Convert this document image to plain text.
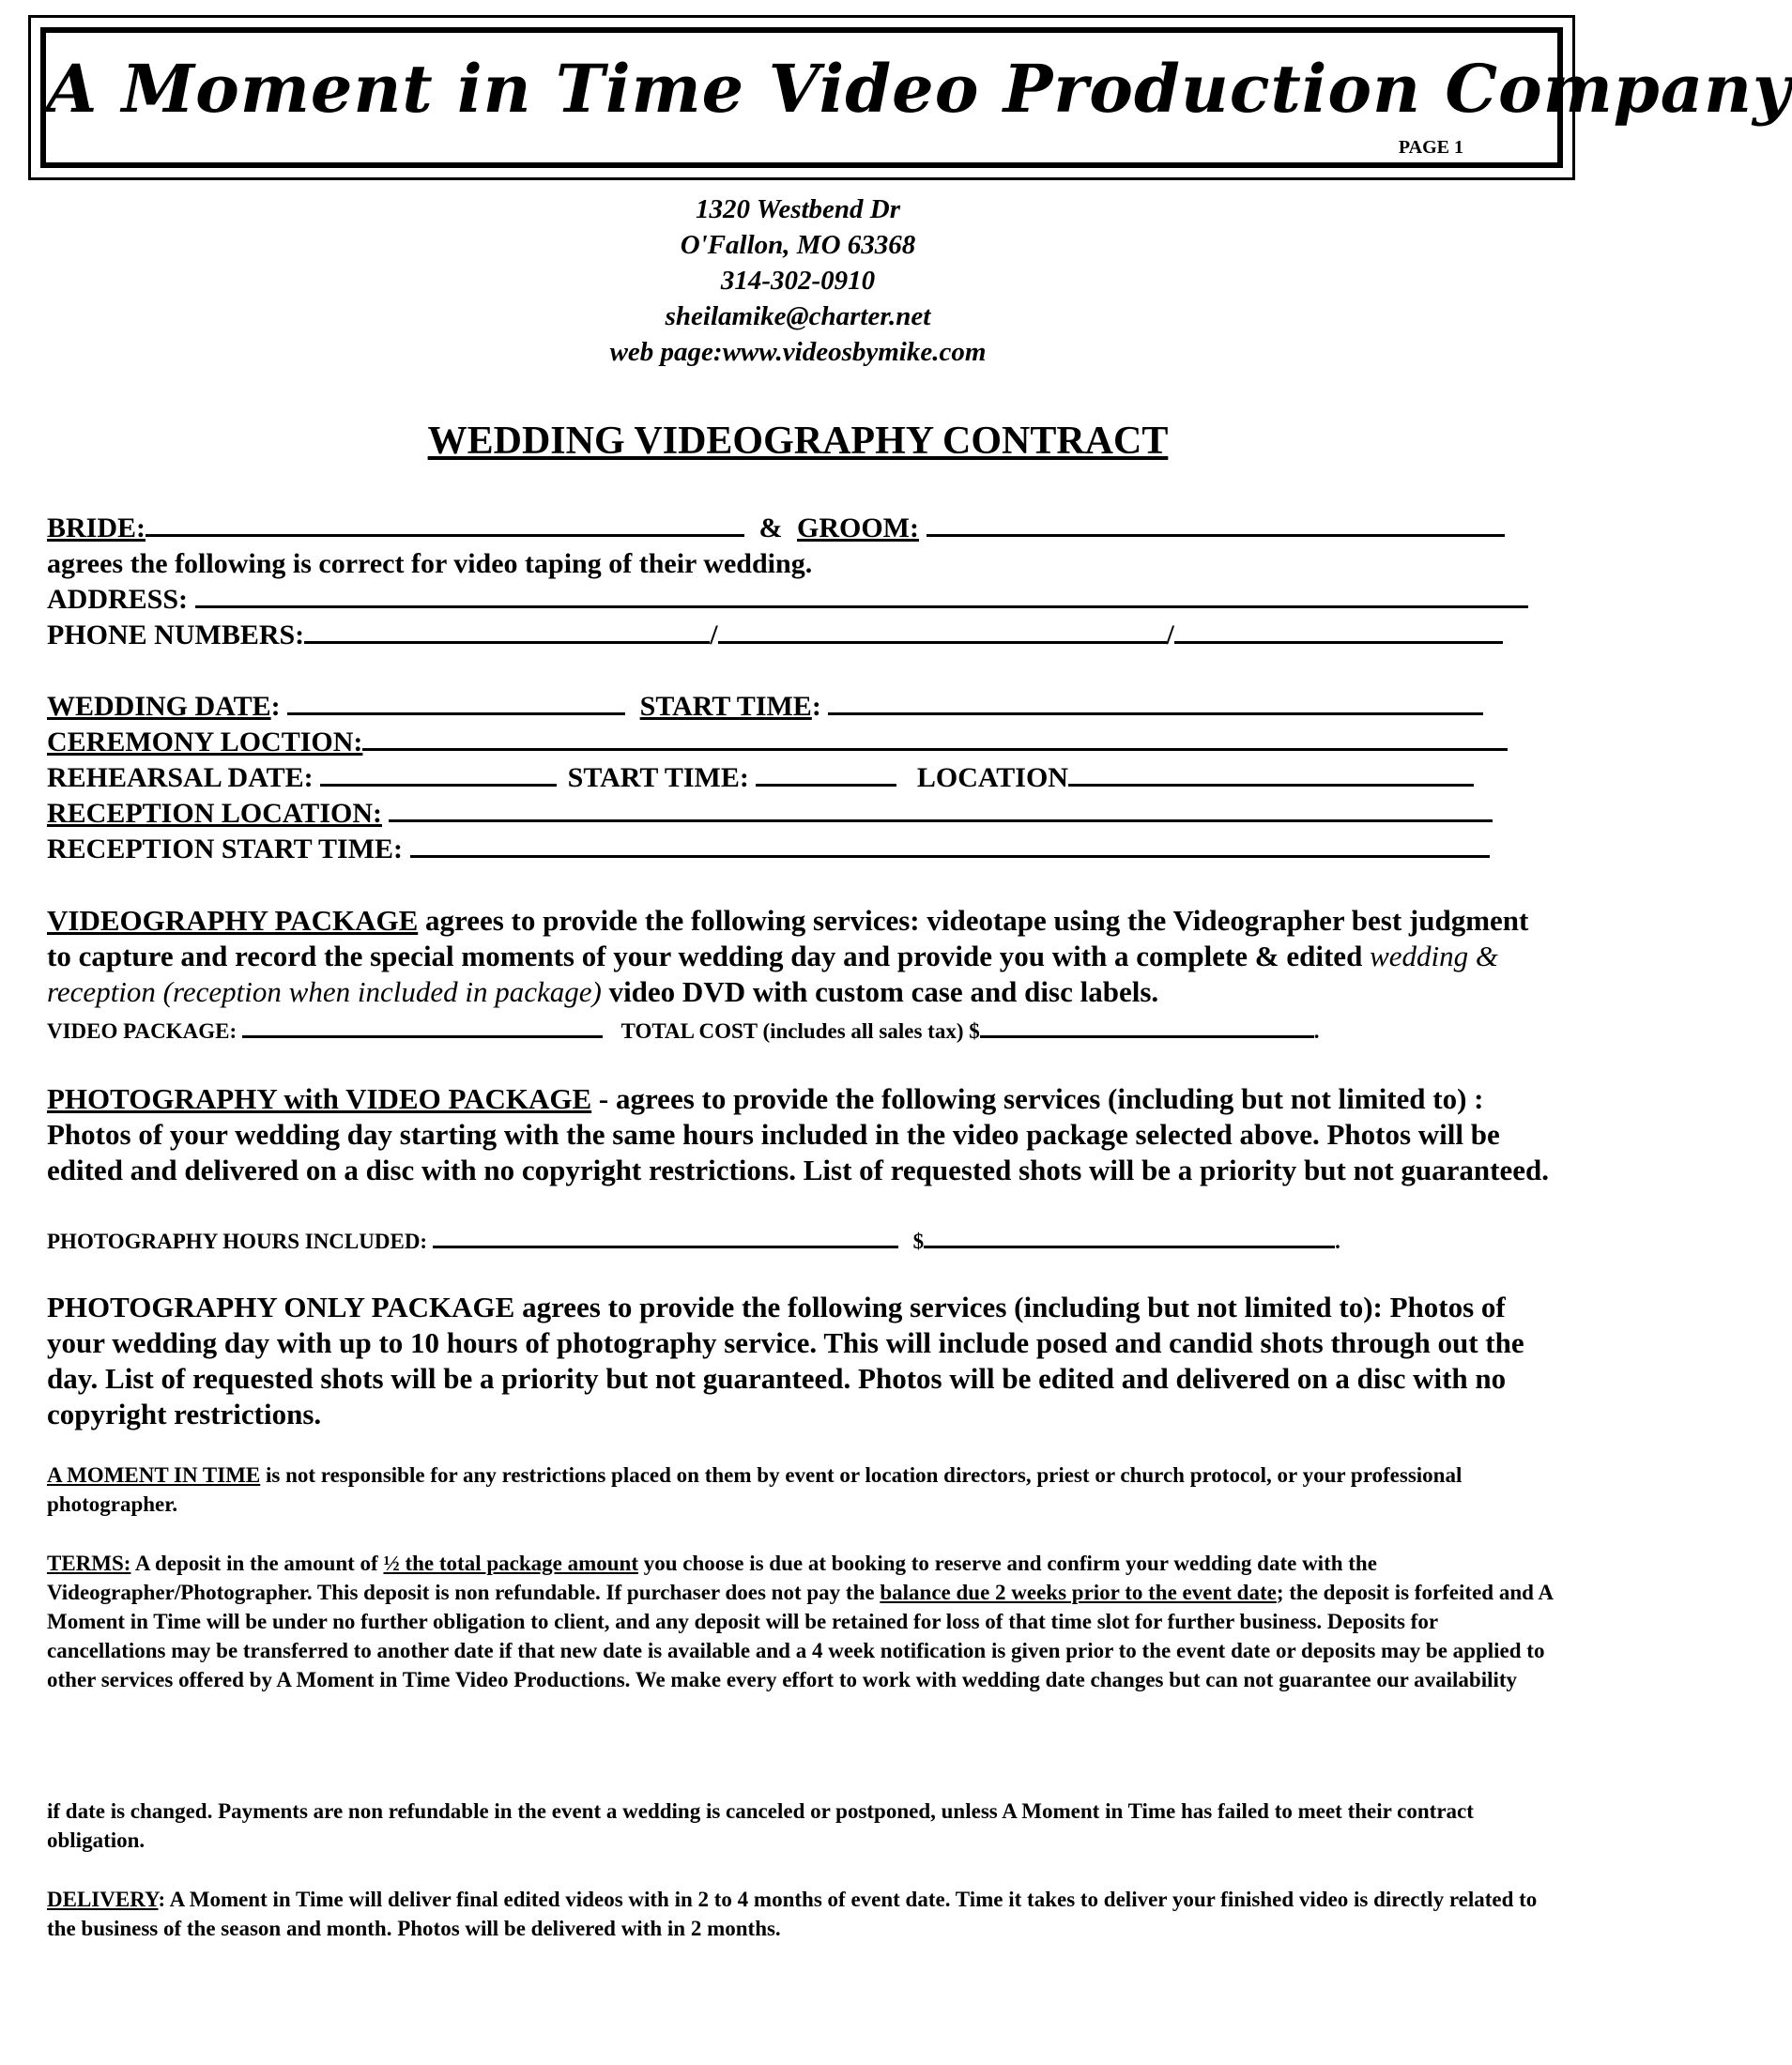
A Moment in Time Video Production Company
PAGE 1
1320 Westbend Dr
O'Fallon, MO 63368
314-302-0910
sheilamike@charter.net
web page:www.videosbymike.com
WEDDING VIDEOGRAPHY CONTRACT
BRIDE:	& GROOM:
agrees the following is correct for video taping of their wedding.
ADDRESS:
PHONE NUMBERS:	/	/
WEDDING DATE:	START TIME:
CEREMONY LOCTION:
REHEARSAL DATE:	START TIME:	LOCATION
RECEPTION LOCATION:
RECEPTION START TIME:
VIDEOGRAPHY PACKAGE agrees to provide the following services: videotape using the Videographer best judgment to capture and record the special moments of your wedding day and provide you with a complete & edited wedding & reception (reception when included in package) video DVD with custom case and disc labels.
VIDEO PACKAGE:	TOTAL COST (includes all sales tax) $	.
PHOTOGRAPHY with VIDEO PACKAGE - agrees to provide the following services (including but not limited to) : Photos of your wedding day starting with the same hours included in the video package selected above. Photos will be edited and delivered on a disc with no copyright restrictions. List of requested shots will be a priority but not guaranteed.
PHOTOGRAPHY HOURS INCLUDED:	$	.
PHOTOGRAPHY ONLY PACKAGE agrees to provide the following services (including but not limited to): Photos of your wedding day with up to 10 hours of photography service. This will include posed and candid shots through out the day. List of requested shots will be a priority but not guaranteed. Photos will be edited and delivered on a disc with no copyright restrictions.
A MOMENT IN TIME is not responsible for any restrictions placed on them by event or location directors, priest or church protocol, or your professional photographer.
TERMS: A deposit in the amount of ½ the total package amount you choose is due at booking to reserve and confirm your wedding date with the Videographer/Photographer. This deposit is non refundable. If purchaser does not pay the balance due 2 weeks prior to the event date; the deposit is forfeited and A Moment in Time will be under no further obligation to client, and any deposit will be retained for loss of that time slot for further business. Deposits for cancellations may be transferred to another date if that new date is available and a 4 week notification is given prior to the event date or deposits may be applied to other services offered by A Moment in Time Video Productions. We make every effort to work with wedding date changes but can not guarantee our availability
if date is changed. Payments are non refundable in the event a wedding is canceled or postponed, unless A Moment in Time has failed to meet their contract obligation.
DELIVERY: A Moment in Time will deliver final edited videos with in 2 to 4 months of event date. Time it takes to deliver your finished video is directly related to the business of the season and month. Photos will be delivered with in 2 months.
